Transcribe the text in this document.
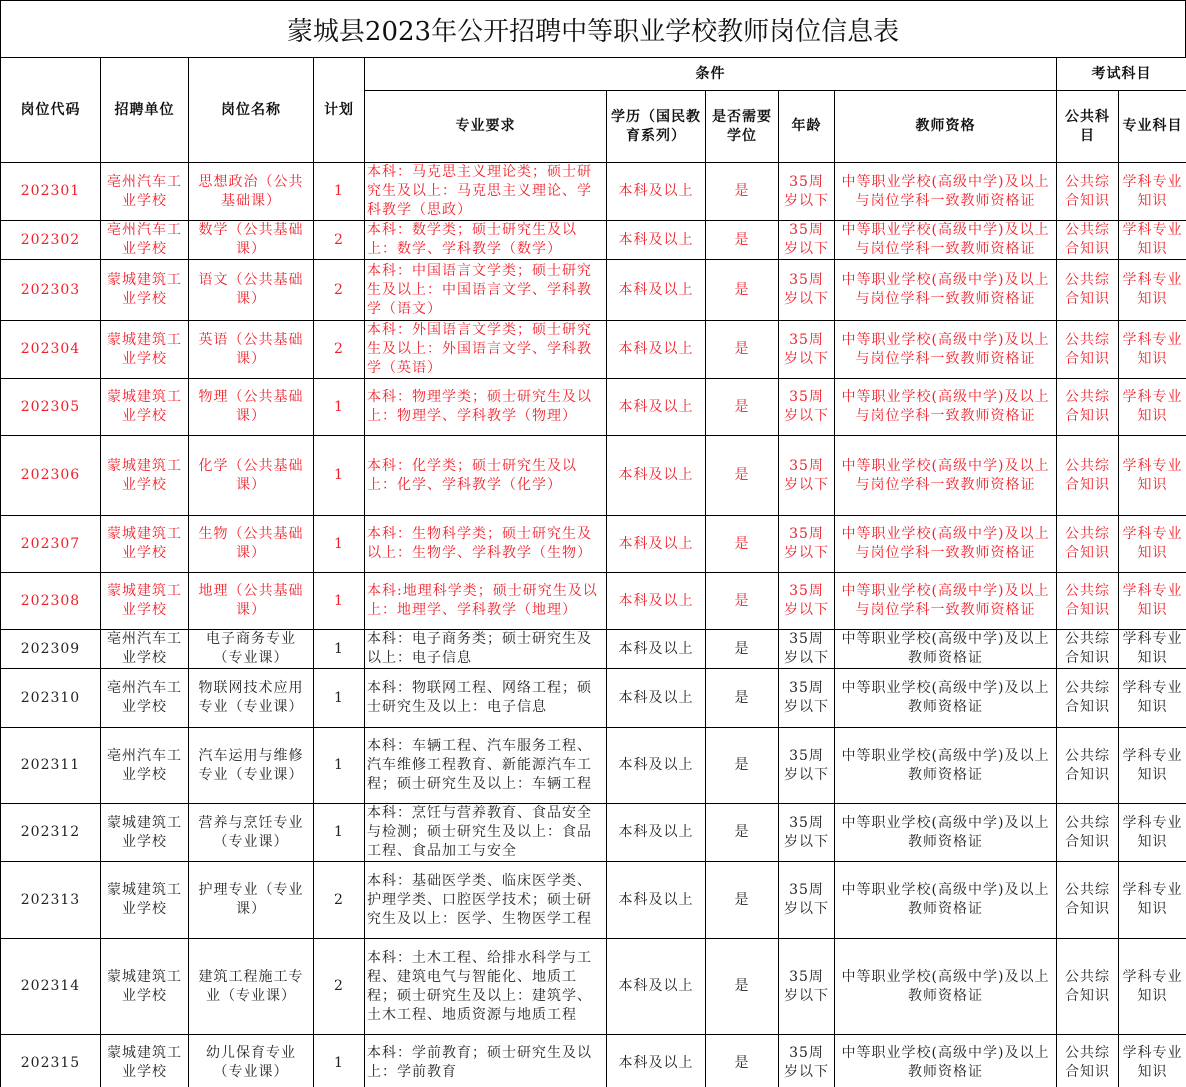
蒙城县2023年公开招聘中等职业学校教师岗位信息表
岗位代码	招聘单位	岗位名称	计划	条件					考试科目	
				专业要求	学历（国民教育系列）	是否需要学位	年龄	教师资格	公共科目	专业科目
202301	亳州汽车工业学校	思想政治（公共基础课）	1	本科：马克思主义理论类；硕士研究生及以上：马克思主义理论、学科教学（思政）	本科及以上	是	35周岁以下	中等职业学校(高级中学)及以上与岗位学科一致教师资格证	公共综合知识	学科专业知识
202302	亳州汽车工业学校	数学（公共基础课）	2	本科：数学类；硕士研究生及以上：数学、学科教学（数学）	本科及以上	是	35周岁以下	中等职业学校(高级中学)及以上与岗位学科一致教师资格证	公共综合知识	学科专业知识
202303	蒙城建筑工业学校	语文（公共基础课）	2	本科：中国语言文学类；硕士研究生及以上：中国语言文学、学科教学（语文）	本科及以上	是	35周岁以下	中等职业学校(高级中学)及以上与岗位学科一致教师资格证	公共综合知识	学科专业知识
202304	蒙城建筑工业学校	英语（公共基础课）	2	本科：外国语言文学类；硕士研究生及以上：外国语言文学、学科教学（英语）	本科及以上	是	35周岁以下	中等职业学校(高级中学)及以上与岗位学科一致教师资格证	公共综合知识	学科专业知识
202305	蒙城建筑工业学校	物理（公共基础课）	1	本科：物理学类；硕士研究生及以上：物理学、学科教学（物理）	本科及以上	是	35周岁以下	中等职业学校(高级中学)及以上与岗位学科一致教师资格证	公共综合知识	学科专业知识
202306	蒙城建筑工业学校	化学（公共基础课）	1	本科：化学类；硕士研究生及以上：化学、学科教学（化学）	本科及以上	是	35周岁以下	中等职业学校(高级中学)及以上与岗位学科一致教师资格证	公共综合知识	学科专业知识
202307	蒙城建筑工业学校	生物（公共基础课）	1	本科：生物科学类；硕士研究生及以上：生物学、学科教学（生物）	本科及以上	是	35周岁以下	中等职业学校(高级中学)及以上与岗位学科一致教师资格证	公共综合知识	学科专业知识
202308	蒙城建筑工业学校	地理（公共基础课）	1	本科:地理科学类；硕士研究生及以上：地理学、学科教学（地理）	本科及以上	是	35周岁以下	中等职业学校(高级中学)及以上与岗位学科一致教师资格证	公共综合知识	学科专业知识
202309	亳州汽车工业学校	电子商务专业（专业课）	1	本科：电子商务类；硕士研究生及以上：电子信息	本科及以上	是	35周岁以下	中等职业学校(高级中学)及以上教师资格证	公共综合知识	学科专业知识
202310	亳州汽车工业学校	物联网技术应用专业（专业课）	1	本科：物联网工程、网络工程；硕士研究生及以上：电子信息	本科及以上	是	35周岁以下	中等职业学校(高级中学)及以上教师资格证	公共综合知识	学科专业知识
202311	亳州汽车工业学校	汽车运用与维修专业（专业课）	1	本科：车辆工程、汽车服务工程、汽车维修工程教育、新能源汽车工程；硕士研究生及以上：车辆工程	本科及以上	是	35周岁以下	中等职业学校(高级中学)及以上教师资格证	公共综合知识	学科专业知识
202312	蒙城建筑工业学校	营养与烹饪专业（专业课）	1	本科：烹饪与营养教育、食品安全与检测；硕士研究生及以上：食品工程、食品加工与安全	本科及以上	是	35周岁以下	中等职业学校(高级中学)及以上教师资格证	公共综合知识	学科专业知识
202313	蒙城建筑工业学校	护理专业（专业课）	2	本科：基础医学类、临床医学类、护理学类、口腔医学技术；硕士研究生及以上：医学、生物医学工程	本科及以上	是	35周岁以下	中等职业学校(高级中学)及以上教师资格证	公共综合知识	学科专业知识
202314	蒙城建筑工业学校	建筑工程施工专业（专业课）	2	本科：土木工程、给排水科学与工程、建筑电气与智能化、地质工程；硕士研究生及以上：建筑学、土木工程、地质资源与地质工程	本科及以上	是	35周岁以下	中等职业学校(高级中学)及以上教师资格证	公共综合知识	学科专业知识
202315	蒙城建筑工业学校	幼儿保育专业（专业课）	1	本科：学前教育；硕士研究生及以上：学前教育	本科及以上	是	35周岁以下	中等职业学校(高级中学)及以上教师资格证	公共综合知识	学科专业知识
